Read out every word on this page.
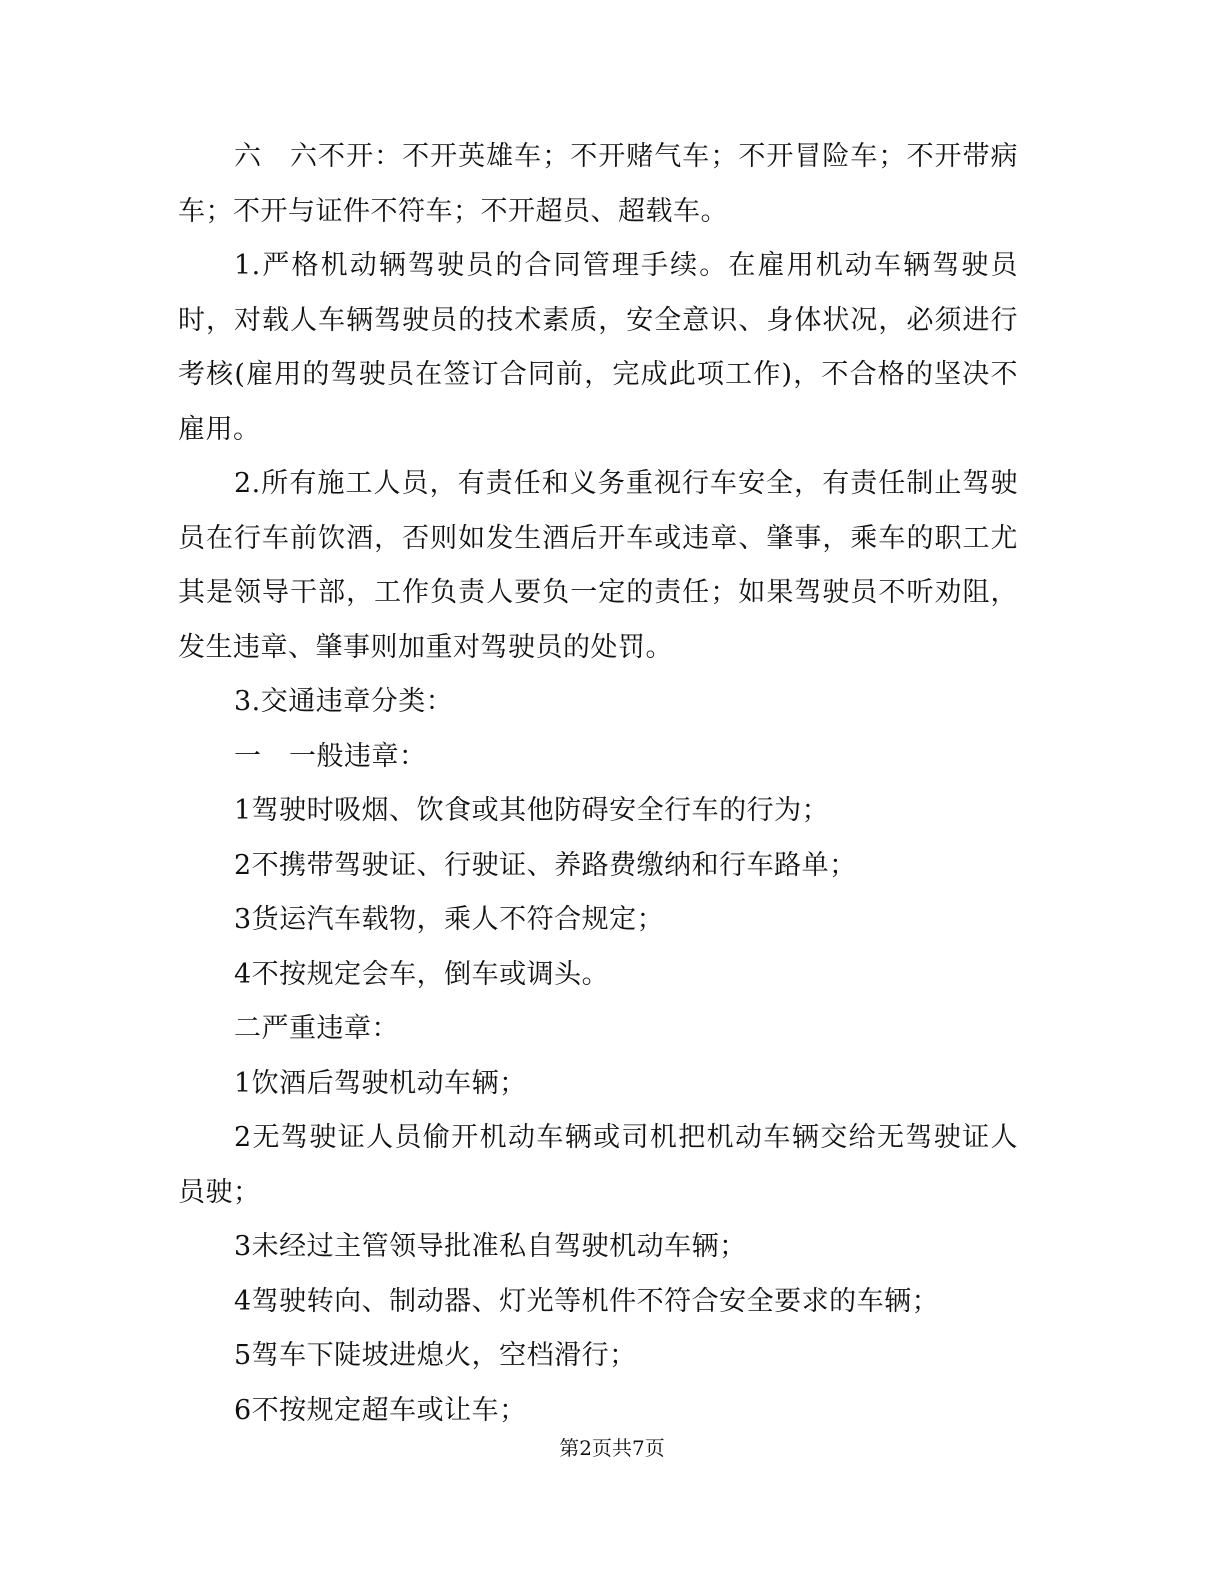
六　六不开：不开英雄车；不开赌气车；不开冒险车；不开带病车；不开与证件不符车；不开超员、超载车。

1.严格机动辆驾驶员的合同管理手续。在雇用机动车辆驾驶员时，对载人车辆驾驶员的技术素质，安全意识、身体状况，必须进行考核(雇用的驾驶员在签订合同前，完成此项工作)，不合格的坚决不雇用。

2.所有施工人员，有责任和义务重视行车安全，有责任制止驾驶员在行车前饮酒，否则如发生酒后开车或违章、肇事，乘车的职工尤其是领导干部，工作负责人要负一定的责任；如果驾驶员不听劝阻，发生违章、肇事则加重对驾驶员的处罚。

3.交通违章分类：

一　一般违章：

1驾驶时吸烟、饮食或其他防碍安全行车的行为；

2不携带驾驶证、行驶证、养路费缴纳和行车路单；

3货运汽车载物，乘人不符合规定；

4不按规定会车，倒车或调头。

二严重违章：

1饮酒后驾驶机动车辆；

2无驾驶证人员偷开机动车辆或司机把机动车辆交给无驾驶证人员驶；

3未经过主管领导批准私自驾驶机动车辆；

4驾驶转向、制动器、灯光等机件不符合安全要求的车辆；

5驾车下陡坡进熄火，空档滑行；

6不按规定超车或让车；

第2页共7页
